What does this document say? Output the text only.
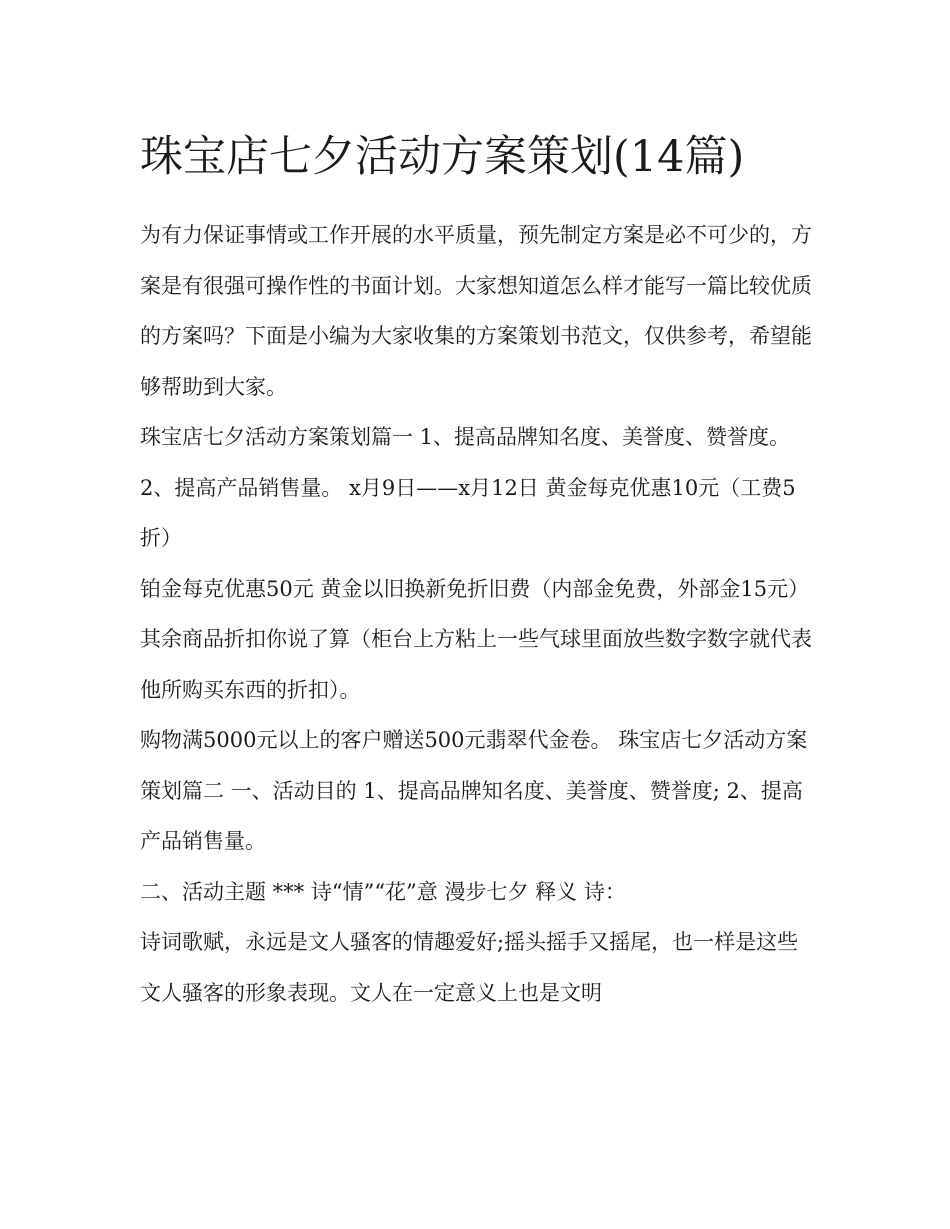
珠宝店七夕活动方案策划(14篇)

为有力保证事情或工作开展的水平质量，预先制定方案是必不可少的，方案是有很强可操作性的书面计划。大家想知道怎么样才能写一篇比较优质的方案吗？下面是小编为大家收集的方案策划书范文，仅供参考，希望能够帮助到大家。

珠宝店七夕活动方案策划篇一 1、提高品牌知名度、美誉度、赞誉度。 2、提高产品销售量。 x月9日——x月12日 黄金每克优惠10元（工费5折）

铂金每克优惠50元 黄金以旧换新免折旧费（内部金免费，外部金15元） 其余商品折扣你说了算（柜台上方粘上一些气球里面放些数字数字就代表他所购买东西的折扣）。

购物满5000元以上的客户赠送500元翡翠代金卷。 珠宝店七夕活动方案策划篇二 一、活动目的 1、提高品牌知名度、美誉度、赞誉度; 2、提高产品销售量。

二、活动主题 *** 诗“情”“花”意 漫步七夕 释义 诗：

诗词歌赋，永远是文人骚客的情趣爱好;摇头摇手又摇尾，也一样是这些文人骚客的形象表现。文人在一定意义上也是文明
